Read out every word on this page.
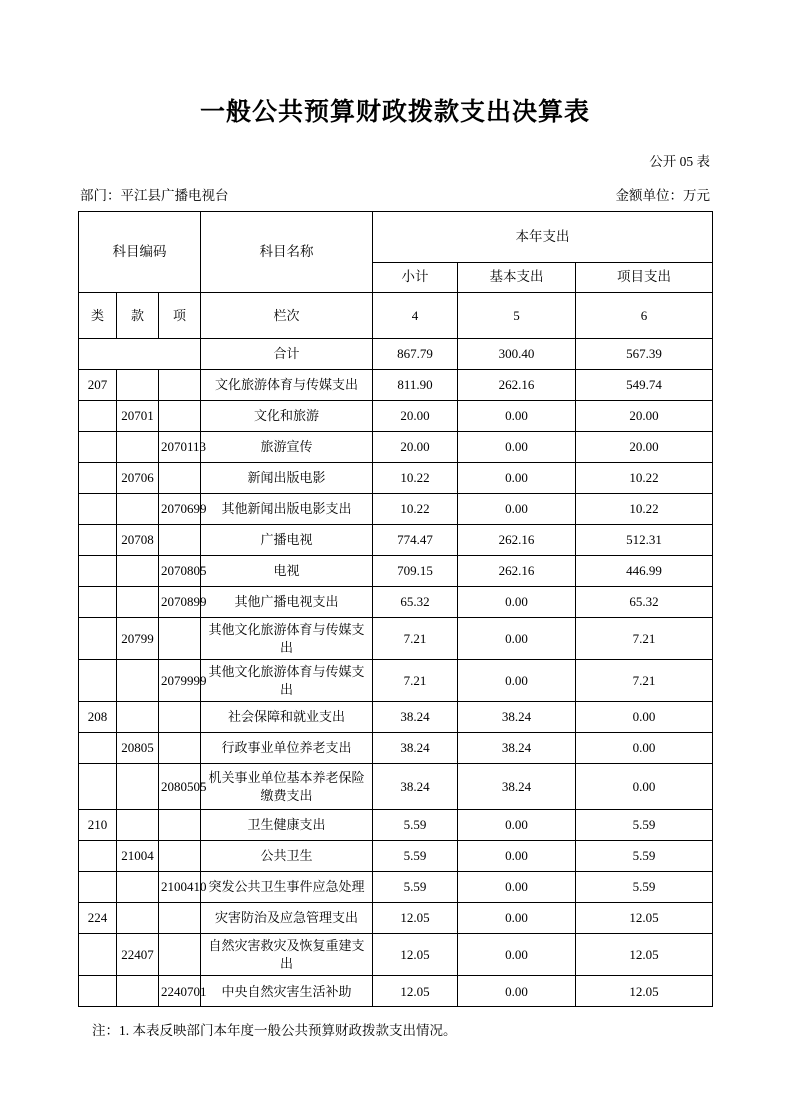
一般公共预算财政拨款支出决算表
公开 05 表
部门：平江县广播电视台	金额单位：万元
科目编码			科目名称	本年支出		
				小计	基本支出	项目支出
类	款	项	栏次	4	5	6
			合计	867.79	300.40	567.39
207			文化旅游体育与传媒支出	811.90	262.16	549.74
	20701		文化和旅游	20.00	0.00	20.00
		2070113	旅游宣传	20.00	0.00	20.00
	20706		新闻出版电影	10.22	0.00	10.22
		2070699	其他新闻出版电影支出	10.22	0.00	10.22
	20708		广播电视	774.47	262.16	512.31
		2070805	电视	709.15	262.16	446.99
		2070899	其他广播电视支出	65.32	0.00	65.32
	20799		其他文化旅游体育与传媒支出	7.21	0.00	7.21
		2079999	其他文化旅游体育与传媒支出	7.21	0.00	7.21
208			社会保障和就业支出	38.24	38.24	0.00
	20805		行政事业单位养老支出	38.24	38.24	0.00
		2080505	机关事业单位基本养老保险缴费支出	38.24	38.24	0.00
210			卫生健康支出	5.59	0.00	5.59
	21004		公共卫生	5.59	0.00	5.59
		2100410	突发公共卫生事件应急处理	5.59	0.00	5.59
224			灾害防治及应急管理支出	12.05	0.00	12.05
	22407		自然灾害救灾及恢复重建支出	12.05	0.00	12.05
		2240701	中央自然灾害生活补助	12.05	0.00	12.05
注：1. 本表反映部门本年度一般公共预算财政拨款支出情况。
